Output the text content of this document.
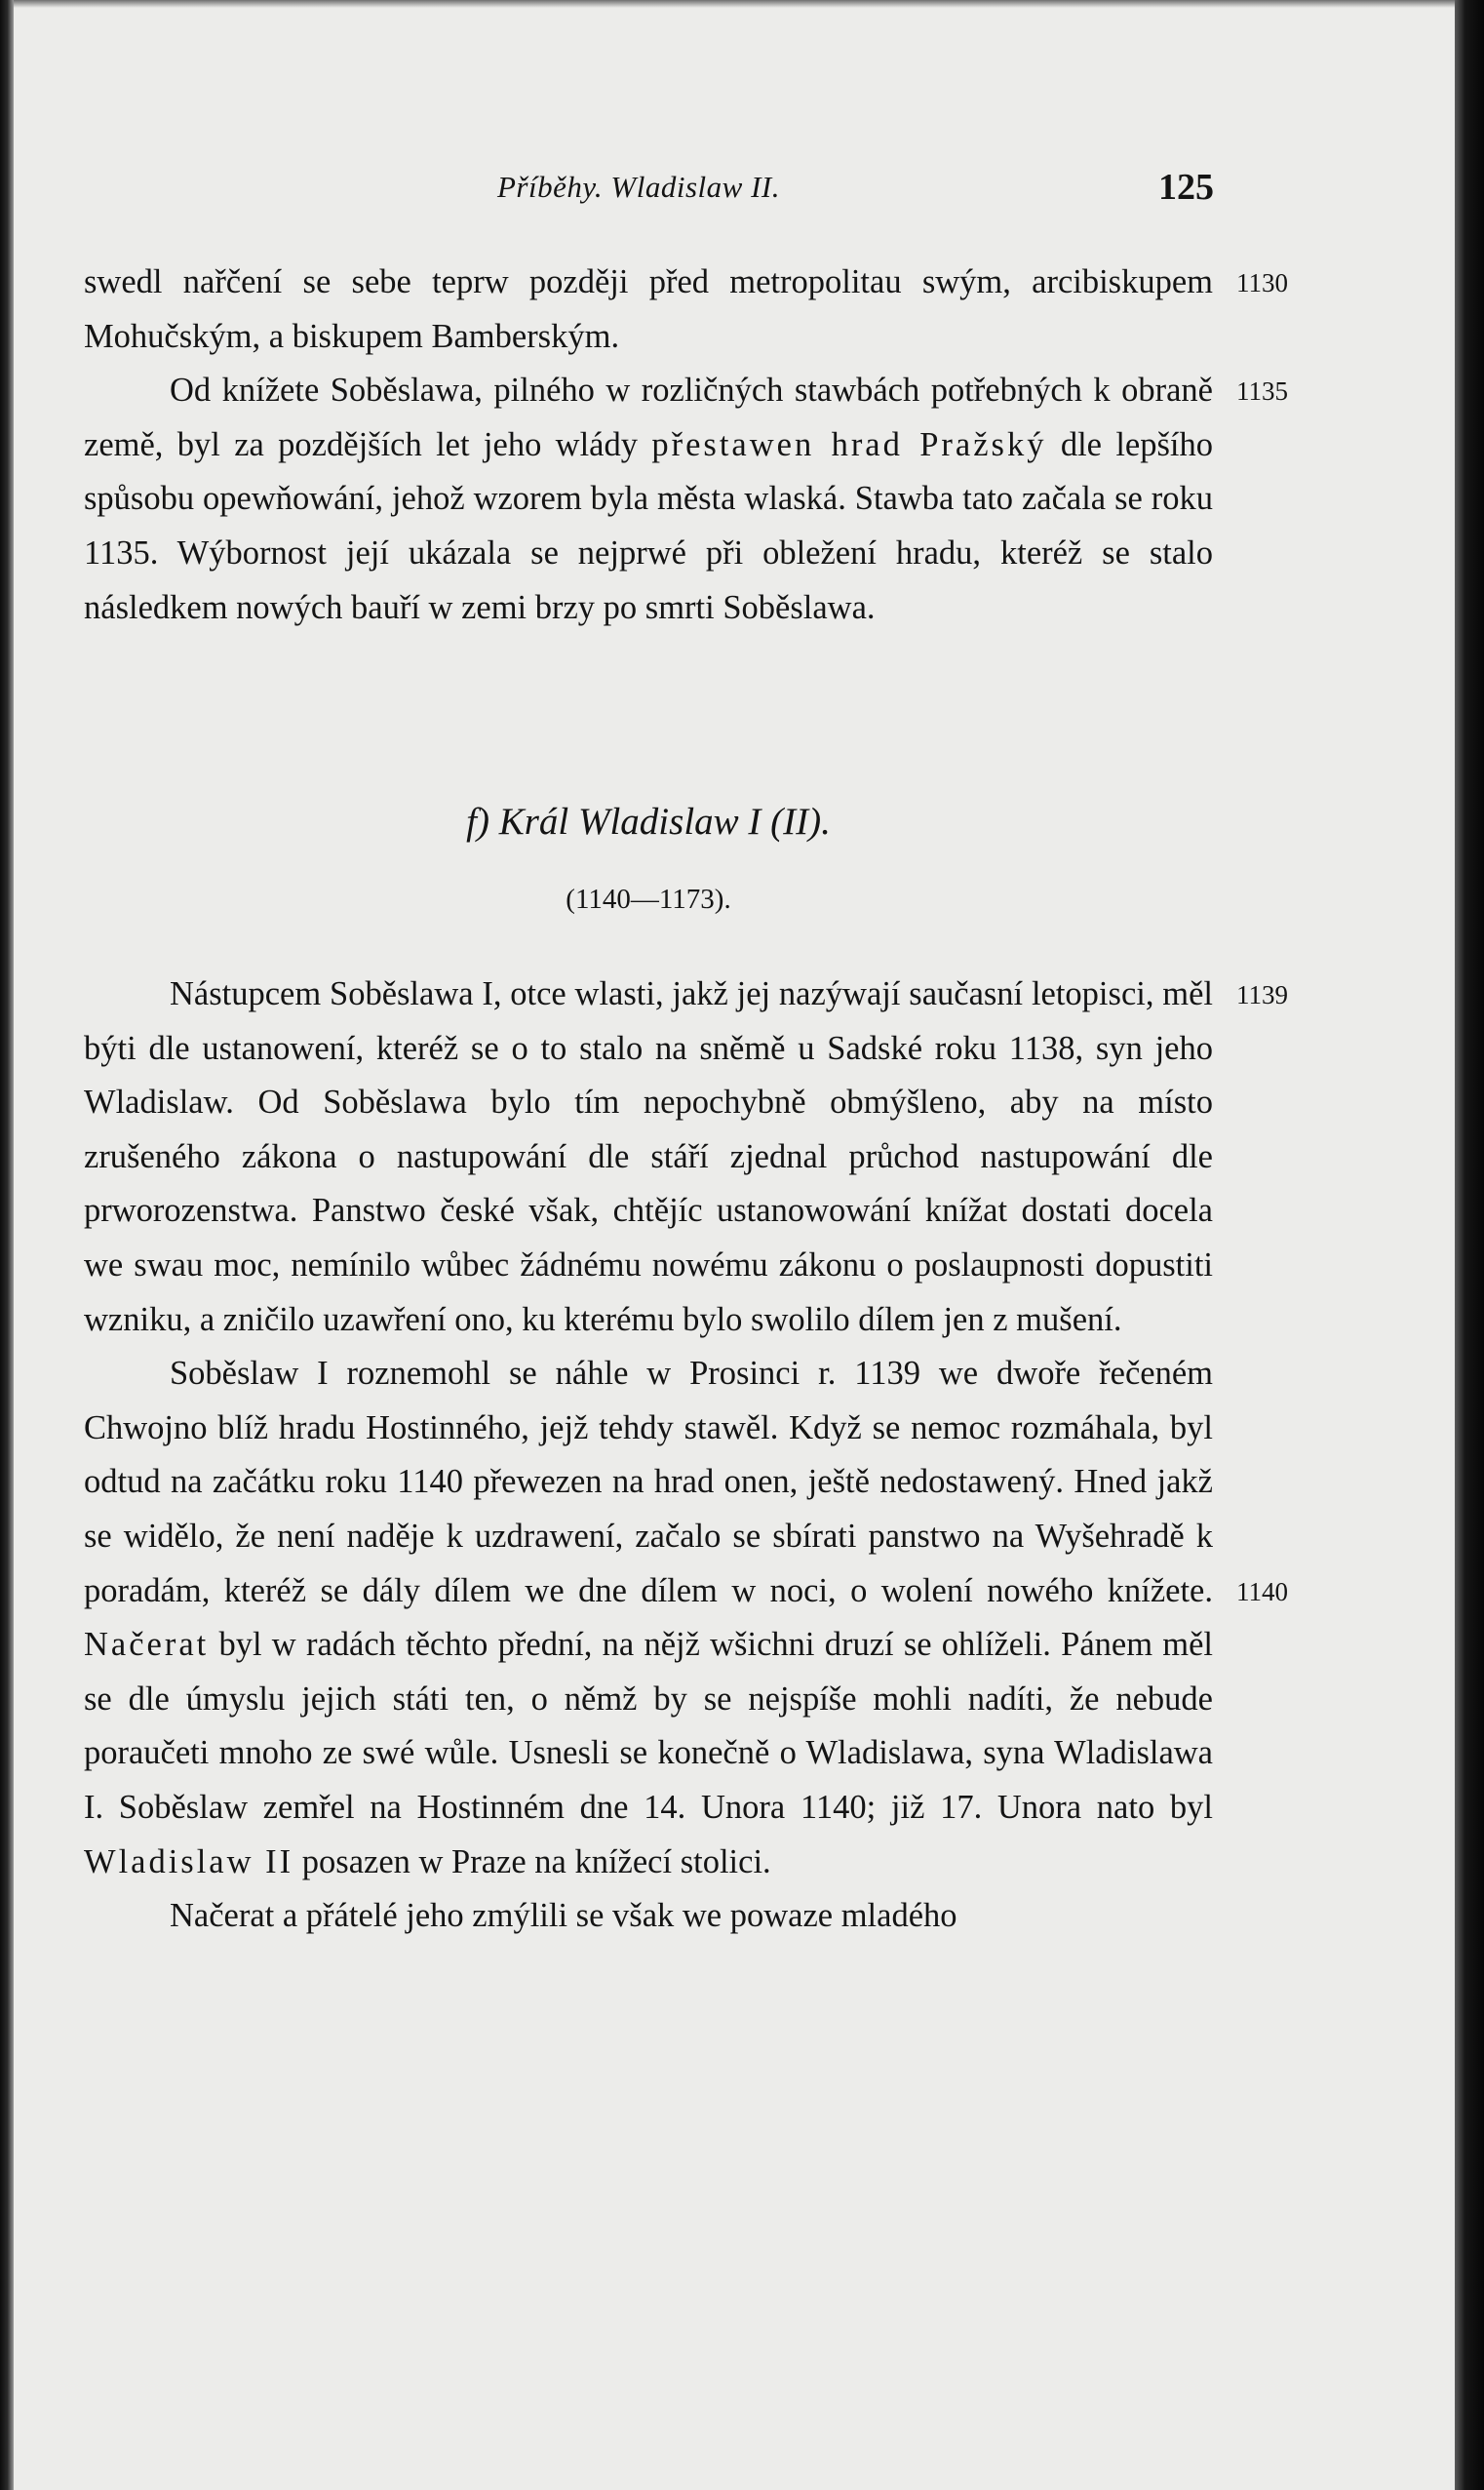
Příběhy. Wladislaw II.	125

swedl nařčení se sebe teprw později před metropolitau swým, arcibiskupem Mohučským, a biskupem Bamberským.

Od knížete Soběslawa, pilného w rozličných stawbách potřebných k obraně země, byl za pozdějších let jeho wlády přestawen hrad Pražský dle lepšího spůsobu opewňowání, jehož wzorem byla města wlaská. Stawba tato začala se roku 1135. Wýbornost její ukázala se nejprwé při obležení hradu, kteréž se stalo následkem nowých bauří w zemi brzy po smrti Soběslawa.

f) Král Wladislaw I (II).
(1140—1173).

Nástupcem Soběslawa I, otce wlasti, jakž jej nazýwají saučasní letopisci, měl býti dle ustanowení, kteréž se o to stalo na sněmě u Sadské roku 1138, syn jeho Wladislaw. Od Soběslawa bylo tím nepochybně obmýšleno, aby na místo zrušeného zákona o nastupowání dle stáří zjednal průchod nastupowání dle prworozenstwa. Panstwo české však, chtějíc ustanowowání knížat dostati docela we swau moc, nemínilo wůbec žádnému nowému zákonu o poslaupnosti dopustiti wzniku, a zničilo uzawření ono, ku kterému bylo swolilo dílem jen z mušení.

Soběslaw I roznemohl se náhle w Prosinci r. 1139 we dwoře řečeném Chwojno blíž hradu Hostinného, jejž tehdy stawěl. Když se nemoc rozmáhala, byl odtud na začátku roku 1140 přewezen na hrad onen, ještě nedostawený. Hned jakž se widělo, že není naděje k uzdrawení, začalo se sbírati panstwo na Wyšehradě k poradám, kteréž se dály dílem we dne dílem w noci, o wolení nowého knížete. Načerat byl w radách těchto přední, na nějž wšichni druzí se ohlíželi. Pánem měl se dle úmyslu jejich státi ten, o němž by se nejspíše mohli nadíti, že nebude poraučeti mnoho ze swé wůle. Usnesli se konečně o Wladislawa, syna Wladislawa I. Soběslaw zemřel na Hostinném dne 14. Unora 1140; již 17. Unora nato byl Wladislaw II posazen w Praze na knížecí stolici.

Načerat a přátelé jeho zmýlili se však we powaze mladého

1130
1135
1139
1140
